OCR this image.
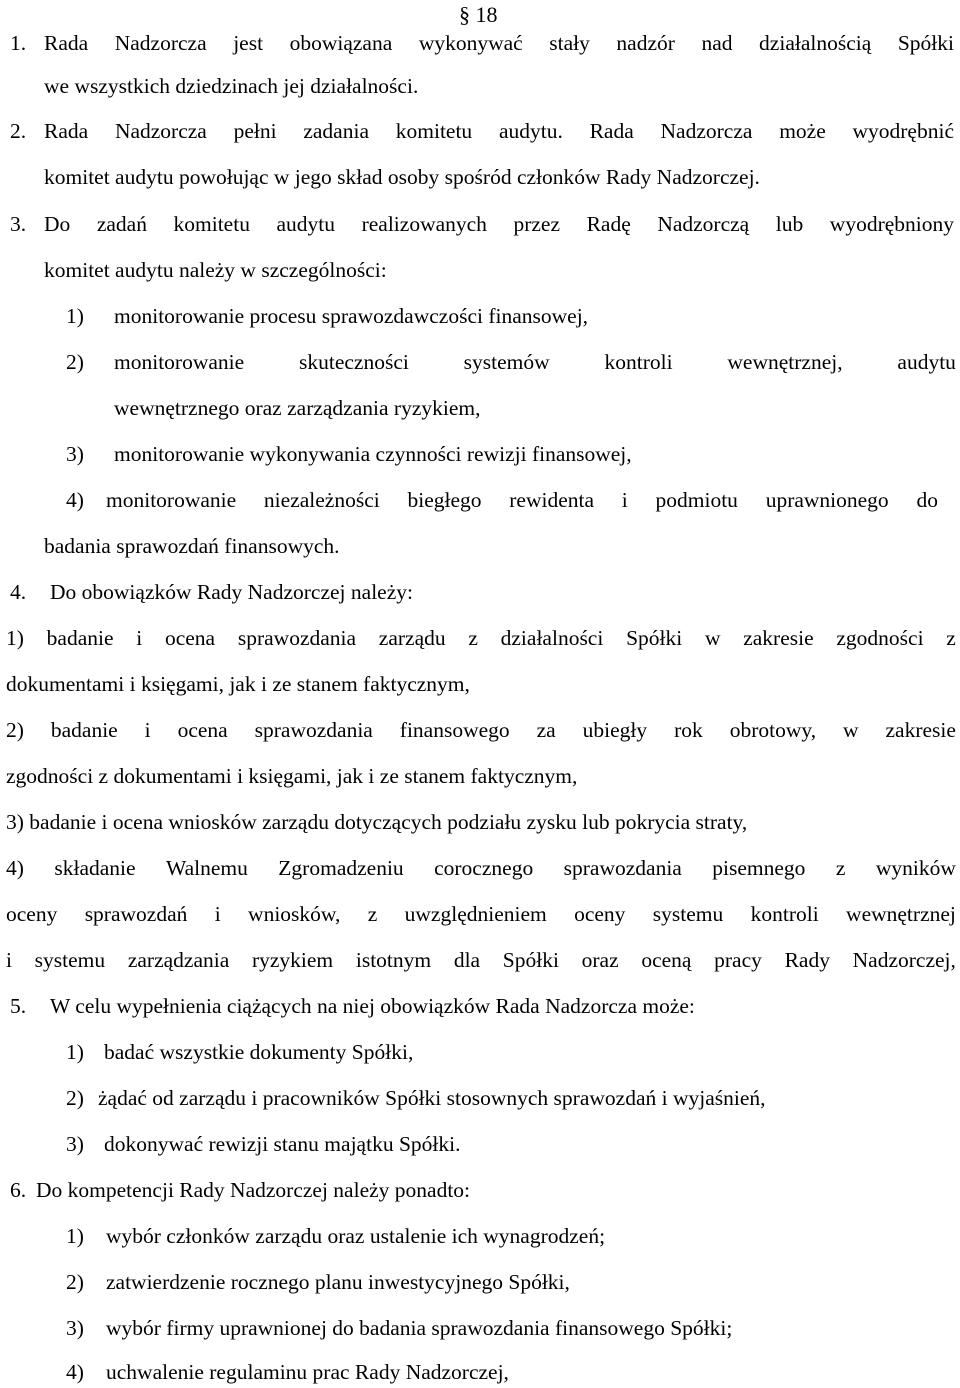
§ 18
1. Rada Nadzorcza jest obowiązana wykonywać stały nadzór nad działalnością Spółki
we wszystkich dziedzinach jej działalności.
2. Rada Nadzorcza pełni zadania komitetu audytu. Rada Nadzorcza może wyodrębnić
komitet audytu powołując w jego skład osoby spośród członków Rady Nadzorczej.
3. Do zadań komitetu audytu realizowanych przez Radę Nadzorczą lub wyodrębniony
komitet audytu należy w szczególności:
1) monitorowanie procesu sprawozdawczości finansowej,
2) monitorowanie	skuteczności	systemów	kontroli	wewnętrznej,	audytu
wewnętrznego oraz zarządzania ryzykiem,
3) monitorowanie wykonywania czynności rewizji finansowej,
4) monitorowanie niezależności biegłego rewidenta i podmiotu uprawnionego do
badania sprawozdań finansowych.
4. Do obowiązków Rady Nadzorczej należy:
1) badanie i ocena sprawozdania zarządu z działalności Spółki w zakresie zgodności z
dokumentami i księgami, jak i ze stanem faktycznym,
2) badanie i ocena sprawozdania finansowego za ubiegły rok obrotowy, w zakresie
zgodności z dokumentami i księgami, jak i ze stanem faktycznym,
3) badanie i ocena wniosków zarządu dotyczących podziału zysku lub pokrycia straty,
4) składanie Walnemu Zgromadzeniu corocznego sprawozdania pisemnego z wyników
oceny sprawozdań i wniosków, z uwzględnieniem oceny systemu kontroli wewnętrznej
i systemu zarządzania ryzykiem istotnym dla Spółki oraz oceną pracy Rady Nadzorczej,
5. W celu wypełnienia ciążących na niej obowiązków Rada Nadzorcza może:
1) badać wszystkie dokumenty Spółki,
2) żądać od zarządu i pracowników Spółki stosownych sprawozdań i wyjaśnień,
3) dokonywać rewizji stanu majątku Spółki.
6. Do kompetencji Rady Nadzorczej należy ponadto:
1) wybór członków zarządu oraz ustalenie ich wynagrodzeń;
2) zatwierdzenie rocznego planu inwestycyjnego Spółki,
3) wybór firmy uprawnionej do badania sprawozdania finansowego Spółki;
4) uchwalenie regulaminu prac Rady Nadzorczej,
